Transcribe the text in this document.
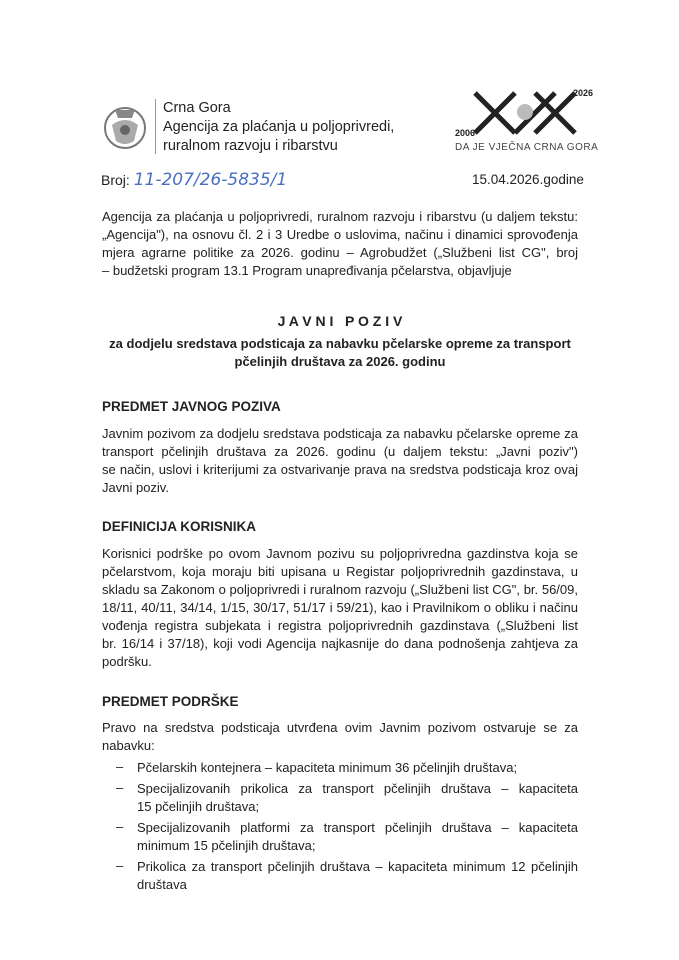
Crna Gora
Agencija za plaćanja u poljoprivredi,
ruralnom razvoju i ribarstvu
2026
2006
DA JE VJEČNA CRNA GORA
Broj: 11-207/26-5835/1	15.04.2026.godine
Agencija za plaćanja u poljoprivredi, ruralnom razvoju i ribarstvu (u daljem tekstu:
„Agencija"), na osnovu čl. 2 i 3 Uredbe o uslovima, načinu i dinamici sprovođenja
mjera agrarne politike za 2026. godinu – Agrobudžet („Službeni list CG", broj
– budžetski program 13.1 Program unapređivanja pčelarstva, objavljuje
J A V N I   P O Z I V
za dodjelu sredstava podsticaja za nabavku pčelarske opreme za transport
pčelinjih društava za 2026. godinu
PREDMET JAVNOG POZIVA
Javnim pozivom za dodjelu sredstava podsticaja za nabavku pčelarske opreme za
transport pčelinjih društava za 2026. godinu (u daljem tekstu: „Javni poziv")
se način, uslovi i kriterijumi za ostvarivanje prava na sredstva podsticaja kroz ovaj
Javni poziv.
DEFINICIJA KORISNIKA
Korisnici podrške po ovom Javnom pozivu su poljoprivredna gazdinstva koja se
pčelarstvom, koja moraju biti upisana u Registar poljoprivrednih gazdinstava, u
skladu sa Zakonom o poljoprivredi i ruralnom razvoju („Službeni list CG", br. 56/09,
18/11, 40/11, 34/14, 1/15, 30/17, 51/17 i 59/21), kao i Pravilnikom o obliku i načinu
vođenja registra subjekata i registra poljoprivrednih gazdinstava („Službeni list
br. 16/14 i 37/18), koji vodi Agencija najkasnije do dana podnošenja zahtjeva za
podršku.
PREDMET PODRŠKE
Pravo na sredstva podsticaja utvrđena ovim Javnim pozivom ostvaruje se za
nabavku:
– Pčelarskih kontejnera – kapaciteta minimum 36 pčelinjih društava;
– Specijalizovanih prikolica za transport pčelinjih društava – kapaciteta
15 pčelinjih društava;
– Specijalizovanih platformi za transport pčelinjih društava – kapaciteta
minimum 15 pčelinjih društava;
– Prikolica za transport pčelinjih društava – kapaciteta minimum 12 pčelinjih
društava
